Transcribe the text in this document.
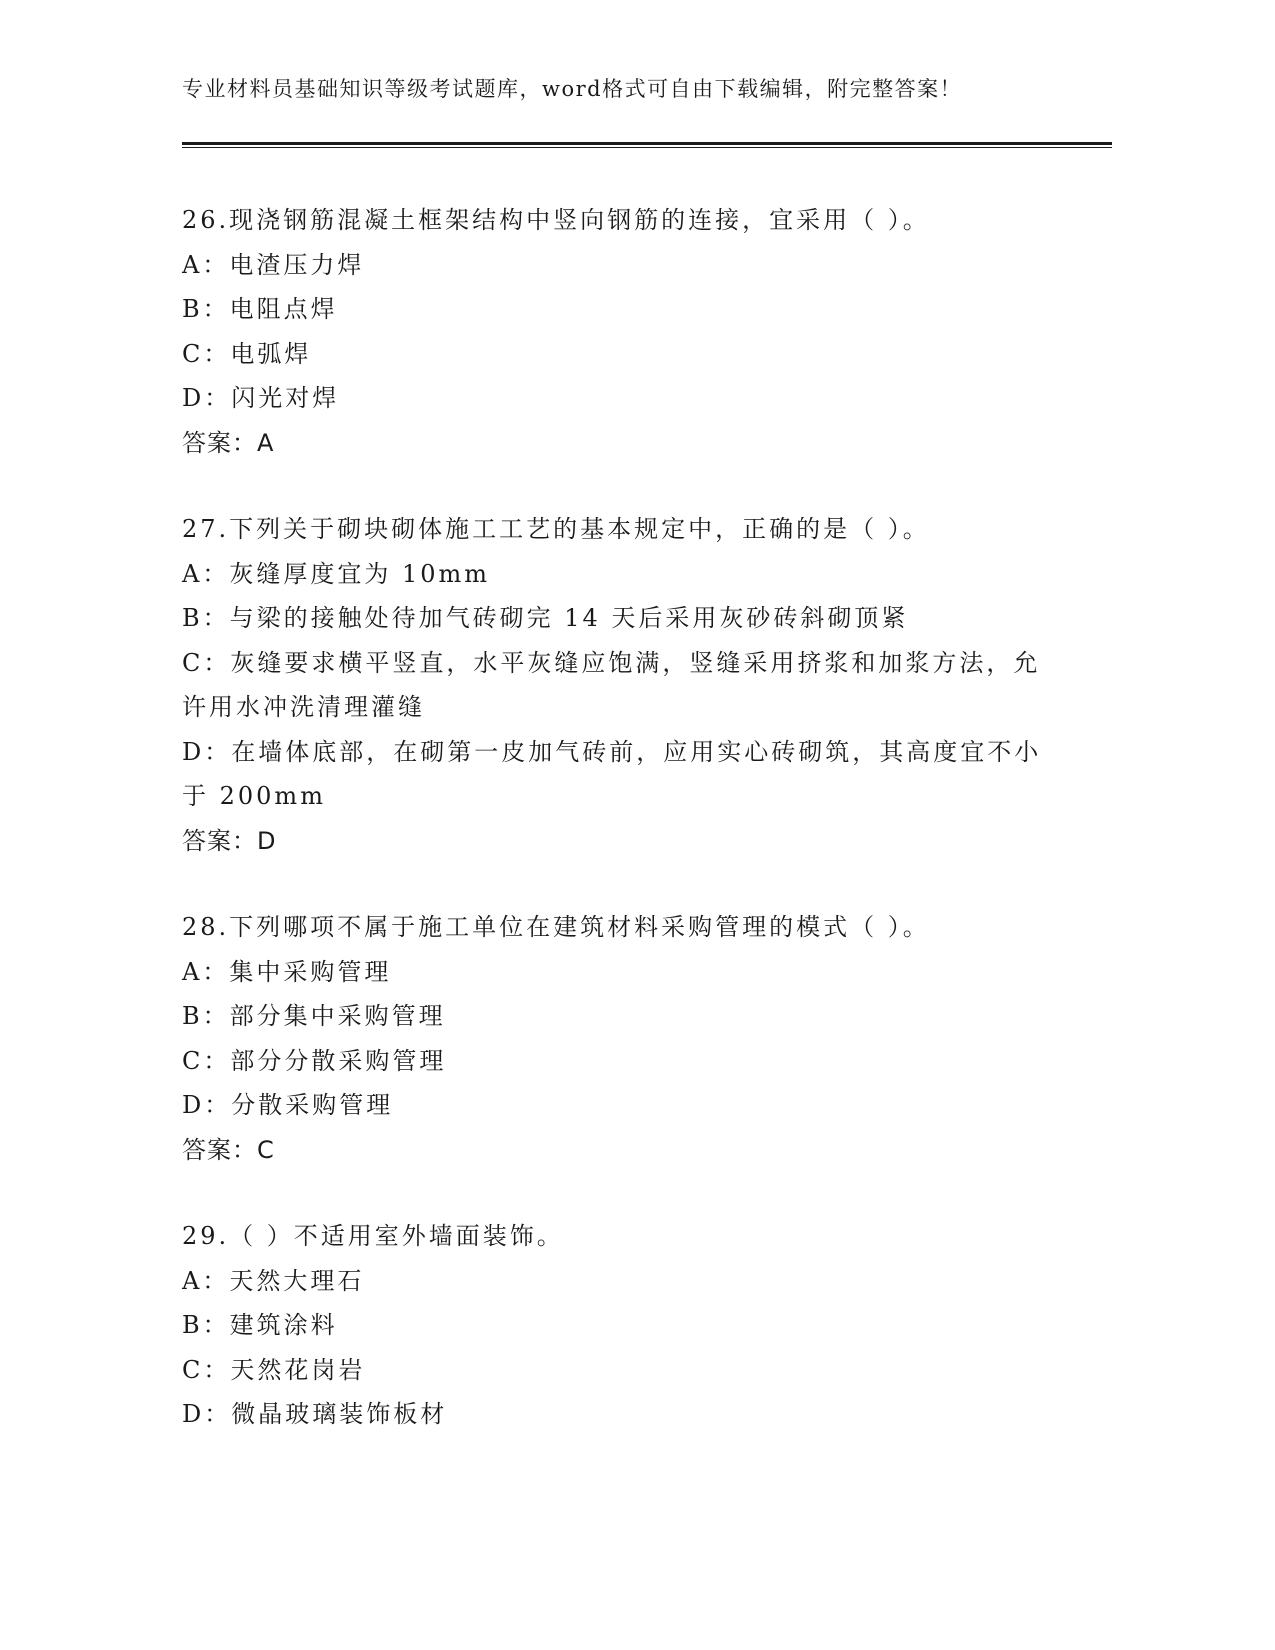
专业材料员基础知识等级考试题库，word格式可自由下载编辑，附完整答案！
26.现浇钢筋混凝土框架结构中竖向钢筋的连接，宜采用（ ）。
A：电渣压力焊
B：电阻点焊
C：电弧焊
D：闪光对焊
答案：A
27.下列关于砌块砌体施工工艺的基本规定中，正确的是（ ）。
A：灰缝厚度宜为 10mm
B：与梁的接触处待加气砖砌完 14 天后采用灰砂砖斜砌顶紧
C：灰缝要求横平竖直，水平灰缝应饱满，竖缝采用挤浆和加浆方法，允许用水冲洗清理灌缝
D：在墙体底部，在砌第一皮加气砖前，应用实心砖砌筑，其高度宜不小于 200mm
答案：D
28.下列哪项不属于施工单位在建筑材料采购管理的模式（ ）。
A：集中采购管理
B：部分集中采购管理
C：部分分散采购管理
D：分散采购管理
答案：C
29.（ ）不适用室外墙面装饰。
A：天然大理石
B：建筑涂料
C：天然花岗岩
D：微晶玻璃装饰板材
